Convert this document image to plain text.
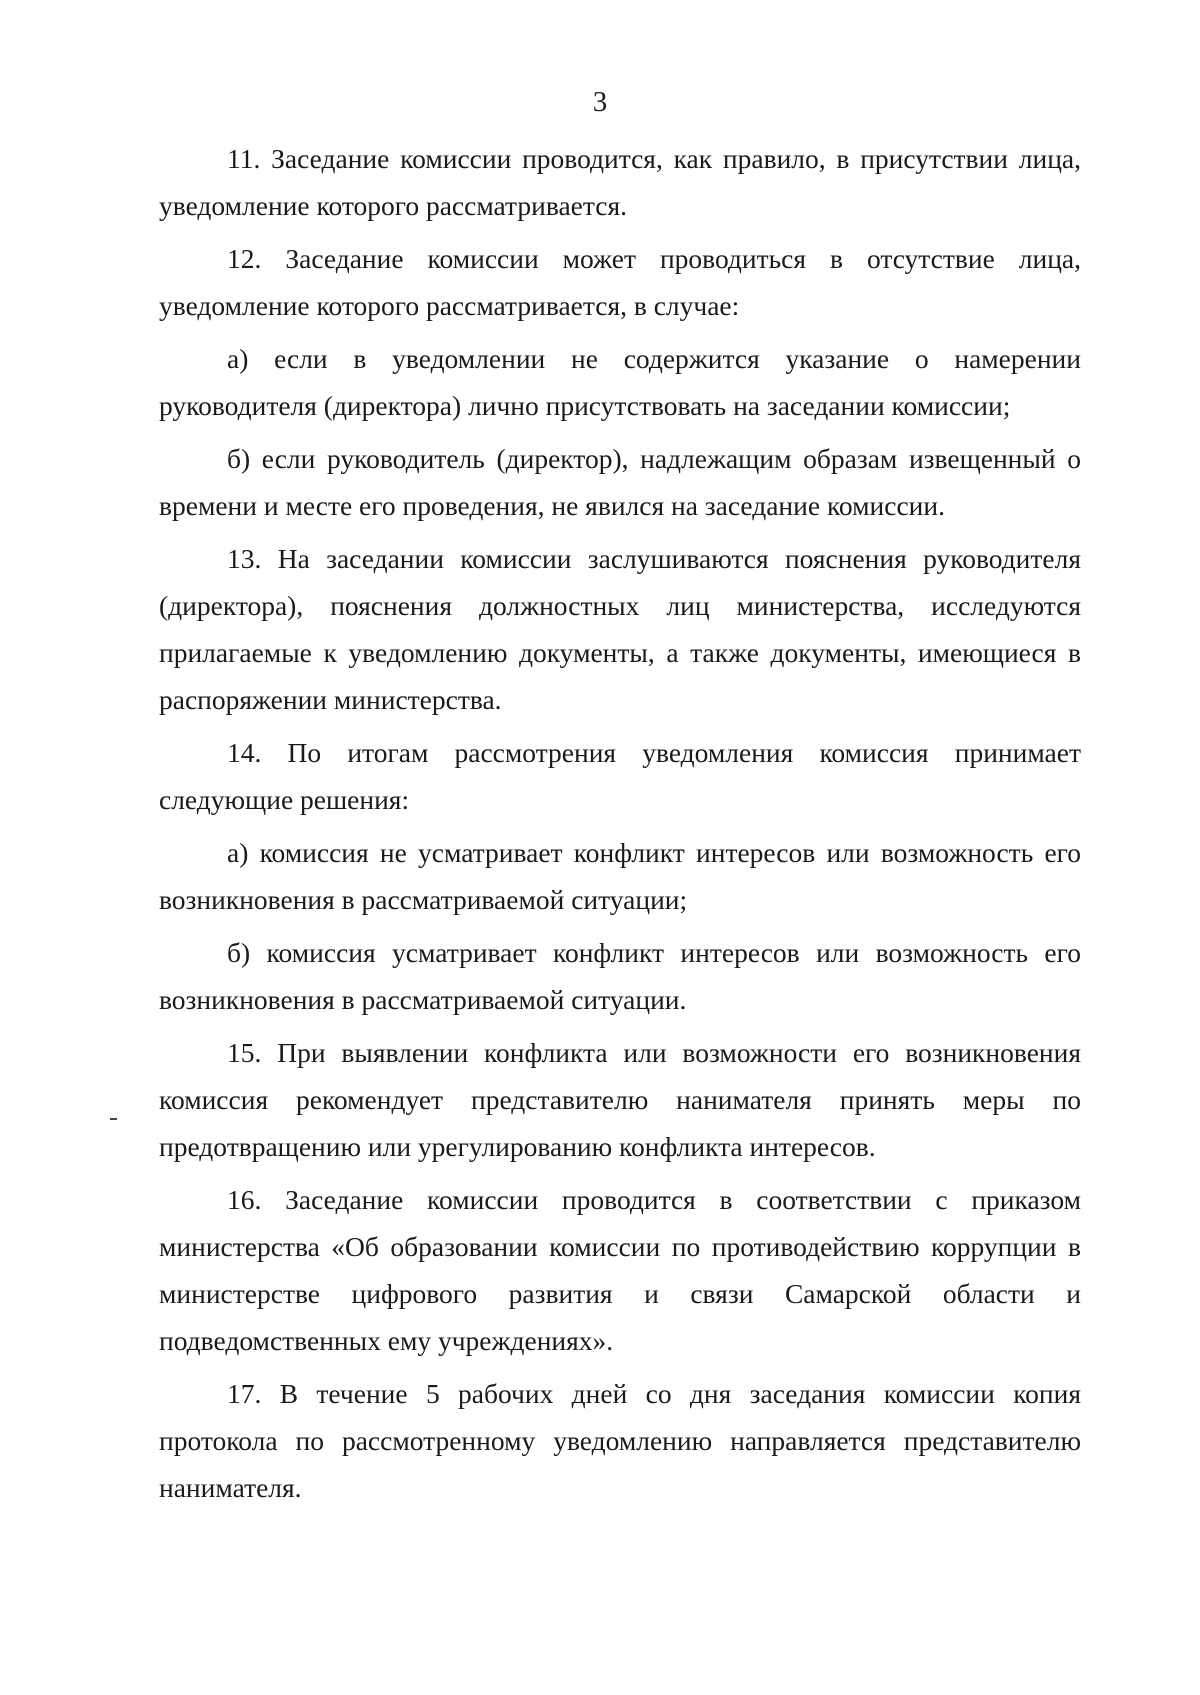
3

11. Заседание комиссии проводится, как правило, в присутствии лица, уведомление которого рассматривается.

12. Заседание комиссии может проводиться в отсутствие лица, уведомление которого рассматривается, в случае:

а) если в уведомлении не содержится указание о намерении руководителя (директора) лично присутствовать на заседании комиссии;

б) если руководитель (директор), надлежащим образам извещенный о времени и месте его проведения, не явился на заседание комиссии.

13. На заседании комиссии заслушиваются пояснения руководителя (директора), пояснения должностных лиц министерства, исследуются прилагаемые к уведомлению документы, а также документы, имеющиеся в распоряжении министерства.

14. По итогам рассмотрения уведомления комиссия принимает следующие решения:

а) комиссия не усматривает конфликт интересов или возможность его возникновения в рассматриваемой ситуации;

б) комиссия усматривает конфликт интересов или возможность его возникновения в рассматриваемой ситуации.

15. При выявлении конфликта или возможности его возникновения комиссия рекомендует представителю нанимателя принять меры по предотвращению или урегулированию конфликта интересов.

16. Заседание комиссии проводится в соответствии с приказом министерства «Об образовании комиссии по противодействию коррупции в министерстве цифрового развития и связи Самарской области и подведомственных ему учреждениях».

17. В течение 5 рабочих дней со дня заседания комиссии копия протокола по рассмотренному уведомлению направляется представителю нанимателя.
